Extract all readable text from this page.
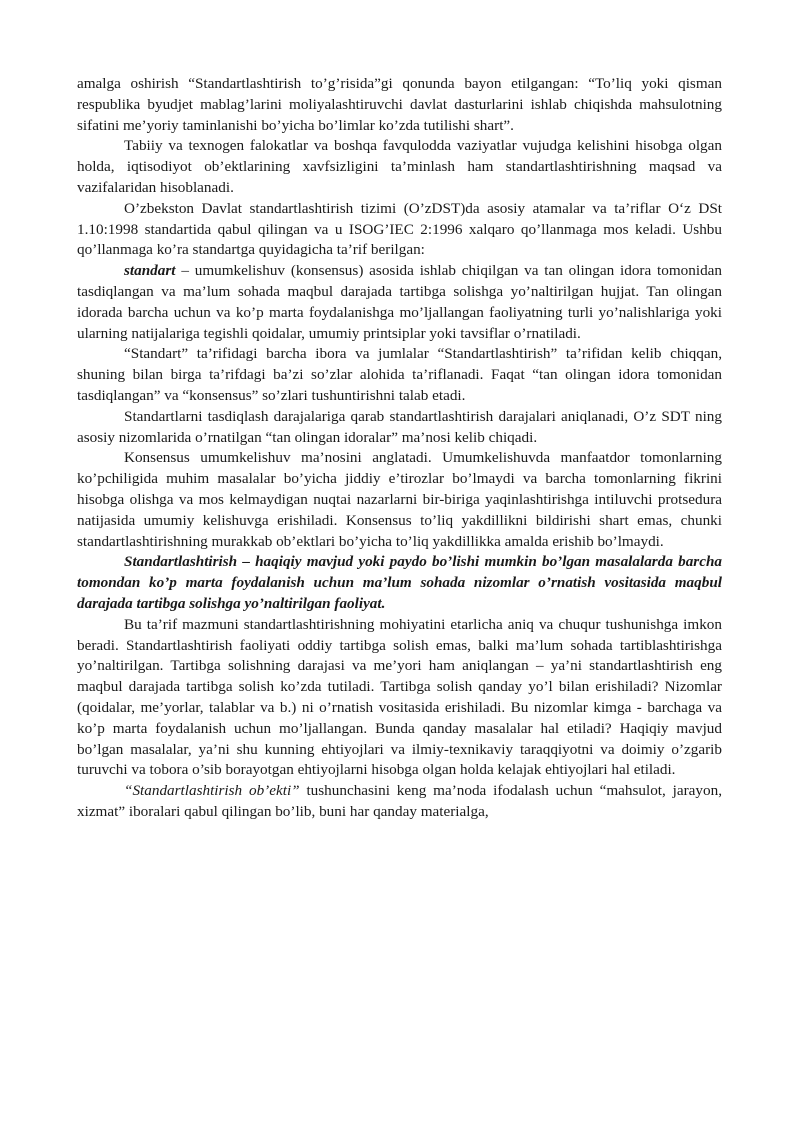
amalga oshirish “Standartlashtirish to’g’risida”gi qonunda bayon etilgangan: “To’liq yoki qisman respublika byudjet mablag’larini moliyalashtiruvchi davlat dasturlarini ishlab chiqishda mahsulotning sifatini me’yoriy taminlanishi bo’yicha bo’limlar ko’zda tutilishi shart”.

Tabiiy va texnogen falokatlar va boshqa favqulodda vaziyatlar vujudga kelishini hisobga olgan holda, iqtisodiyot ob’ektlarining xavfsizligini ta’minlash ham standartlashtirishning maqsad va vazifalaridan hisoblanadi.

O’zbekston Davlat standartlashtirish tizimi (O’zDST)da asosiy atamalar va ta’riflar O‘z DSt 1.10:1998 standartida qabul qilingan va u ISOG’IEC 2:1996 xalqaro qo’llanmaga mos keladi. Ushbu qo’llanmaga ko’ra standartga quyidagicha ta’rif berilgan:

standart – umumkelishuv (konsensus) asosida ishlab chiqilgan va tan olingan idora tomonidan tasdiqlangan va ma’lum sohada maqbul darajada tartibga solishga yo’naltirilgan hujjat. Tan olingan idorada barcha uchun va ko’p marta foydalanishga mo’ljallangan faoliyatning turli yo’nalishlariga yoki ularning natijalariga tegishli qoidalar, umumiy printsiplar yoki tavsiflar o’rnatiladi.

“Standart” ta’rifidagi barcha ibora va jumlalar “Standartlashtirish” ta’rifidan kelib chiqqan, shuning bilan birga ta’rifdagi ba’zi so’zlar alohida ta’riflanadi. Faqat “tan olingan idora tomonidan tasdiqlangan” va “konsensus” so’zlari tushuntirishni talab etadi.

Standartlarni tasdiqlash darajalariga qarab standartlashtirish darajalari aniqlanadi, O’z SDT ning asosiy nizomlarida o’rnatilgan “tan olingan idoralar” ma’nosi kelib chiqadi.

Konsensus umumkelishuv ma’nosini anglatadi. Umumkelishuvda manfaatdor tomonlarning ko’pchiligida muhim masalalar bo’yicha jiddiy e’tirozlar bo’lmaydi va barcha tomonlarning fikrini hisobga olishga va mos kelmaydigan nuqtai nazarlarni bir-biriga yaqinlashtirishga intiluvchi protsedura natijasida umumiy kelishuvga erishiladi. Konsensus to’liq yakdillikni bildirishi shart emas, chunki standartlashtirishning murakkab ob’ektlari bo’yicha to’liq yakdillikka amalda erishib bo’lmaydi.

Standartlashtirish – haqiqiy mavjud yoki paydo bo’lishi mumkin bo’lgan masalalarda barcha tomondan ko’p marta foydalanish uchun ma’lum sohada nizomlar o’rnatish vositasida maqbul darajada tartibga solishga yo’naltirilgan faoliyat.

Bu ta’rif mazmuni standartlashtirishning mohiyatini etarlicha aniq va chuqur tushunishga imkon beradi. Standartlashtirish faoliyati oddiy tartibga solish emas, balki ma’lum sohada tartiblashtirishga yo’naltirilgan. Tartibga solishning darajasi va me’yori ham aniqlangan – ya’ni standartlashtirish eng maqbul darajada tartibga solish ko’zda tutiladi. Tartibga solish qanday yo’l bilan erishiladi? Nizomlar (qoidalar, me’yorlar, talablar va b.) ni o’rnatish vositasida erishiladi. Bu nizomlar kimga - barchaga va ko’p marta foydalanish uchun mo’ljallangan. Bunda qanday masalalar hal etiladi? Haqiqiy mavjud bo’lgan masalalar, ya’ni shu kunning ehtiyojlari va ilmiy-texnikaviy taraqqiyotni va doimiy o’zgarib turuvchi va tobora o’sib borayotgan ehtiyojlarni hisobga olgan holda kelajak ehtiyojlari hal etiladi.

“Standartlashtirish ob’ekti” tushunchasini keng ma’noda ifodalash uchun “mahsulot, jarayon, xizmat” iboralari qabul qilingan bo’lib, buni har qanday materialga,
